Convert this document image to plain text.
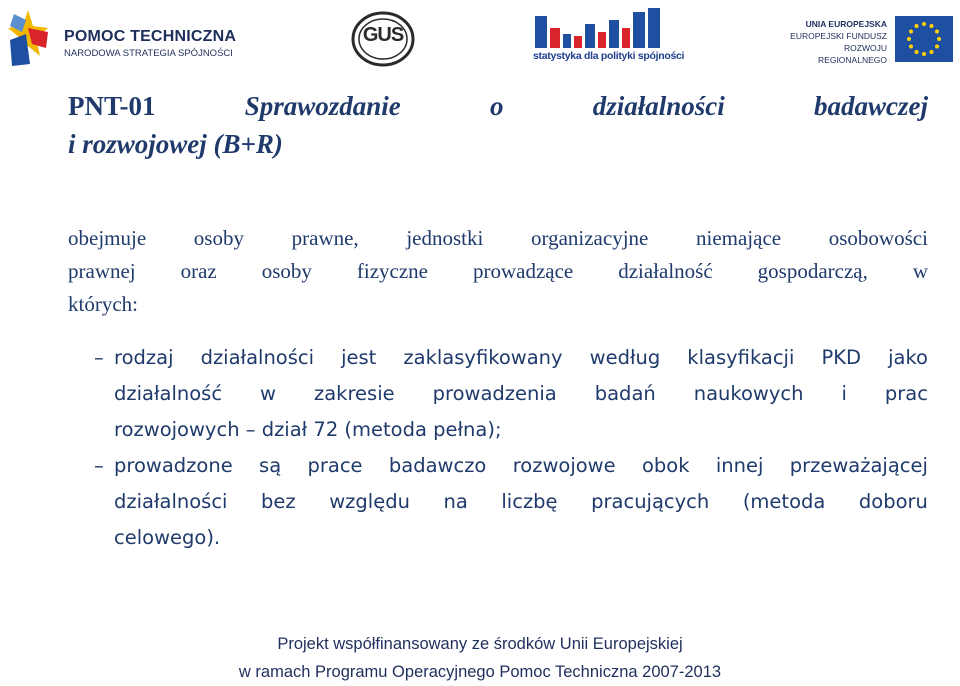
POMOC TECHNICZNA
NARODOWA STRATEGIA SPÓJNOŚCI
GUS
statystyka dla polityki spójności
UNIA EUROPEJSKA
EUROPEJSKI FUNDUSZ
ROZWOJU REGIONALNEGO
PNT-01	Sprawozdanie	o	działalności	badawczej
i rozwojowej (B+R)
obejmuje osoby prawne, jednostki organizacyjne niemające osobowości
prawnej oraz osoby fizyczne prowadzące działalność gospodarczą, w
których:
– rodzaj działalności jest zaklasyfikowany według klasyfikacji PKD jako
działalność w zakresie prowadzenia badań naukowych i prac
rozwojowych – dział 72 (metoda pełna);
– prowadzone są prace badawczo rozwojowe obok innej przeważającej
działalności bez względu na liczbę pracujących (metoda doboru
celowego).
Projekt współfinansowany ze środków Unii Europejskiej
w ramach Programu Operacyjnego Pomoc Techniczna 2007-2013
